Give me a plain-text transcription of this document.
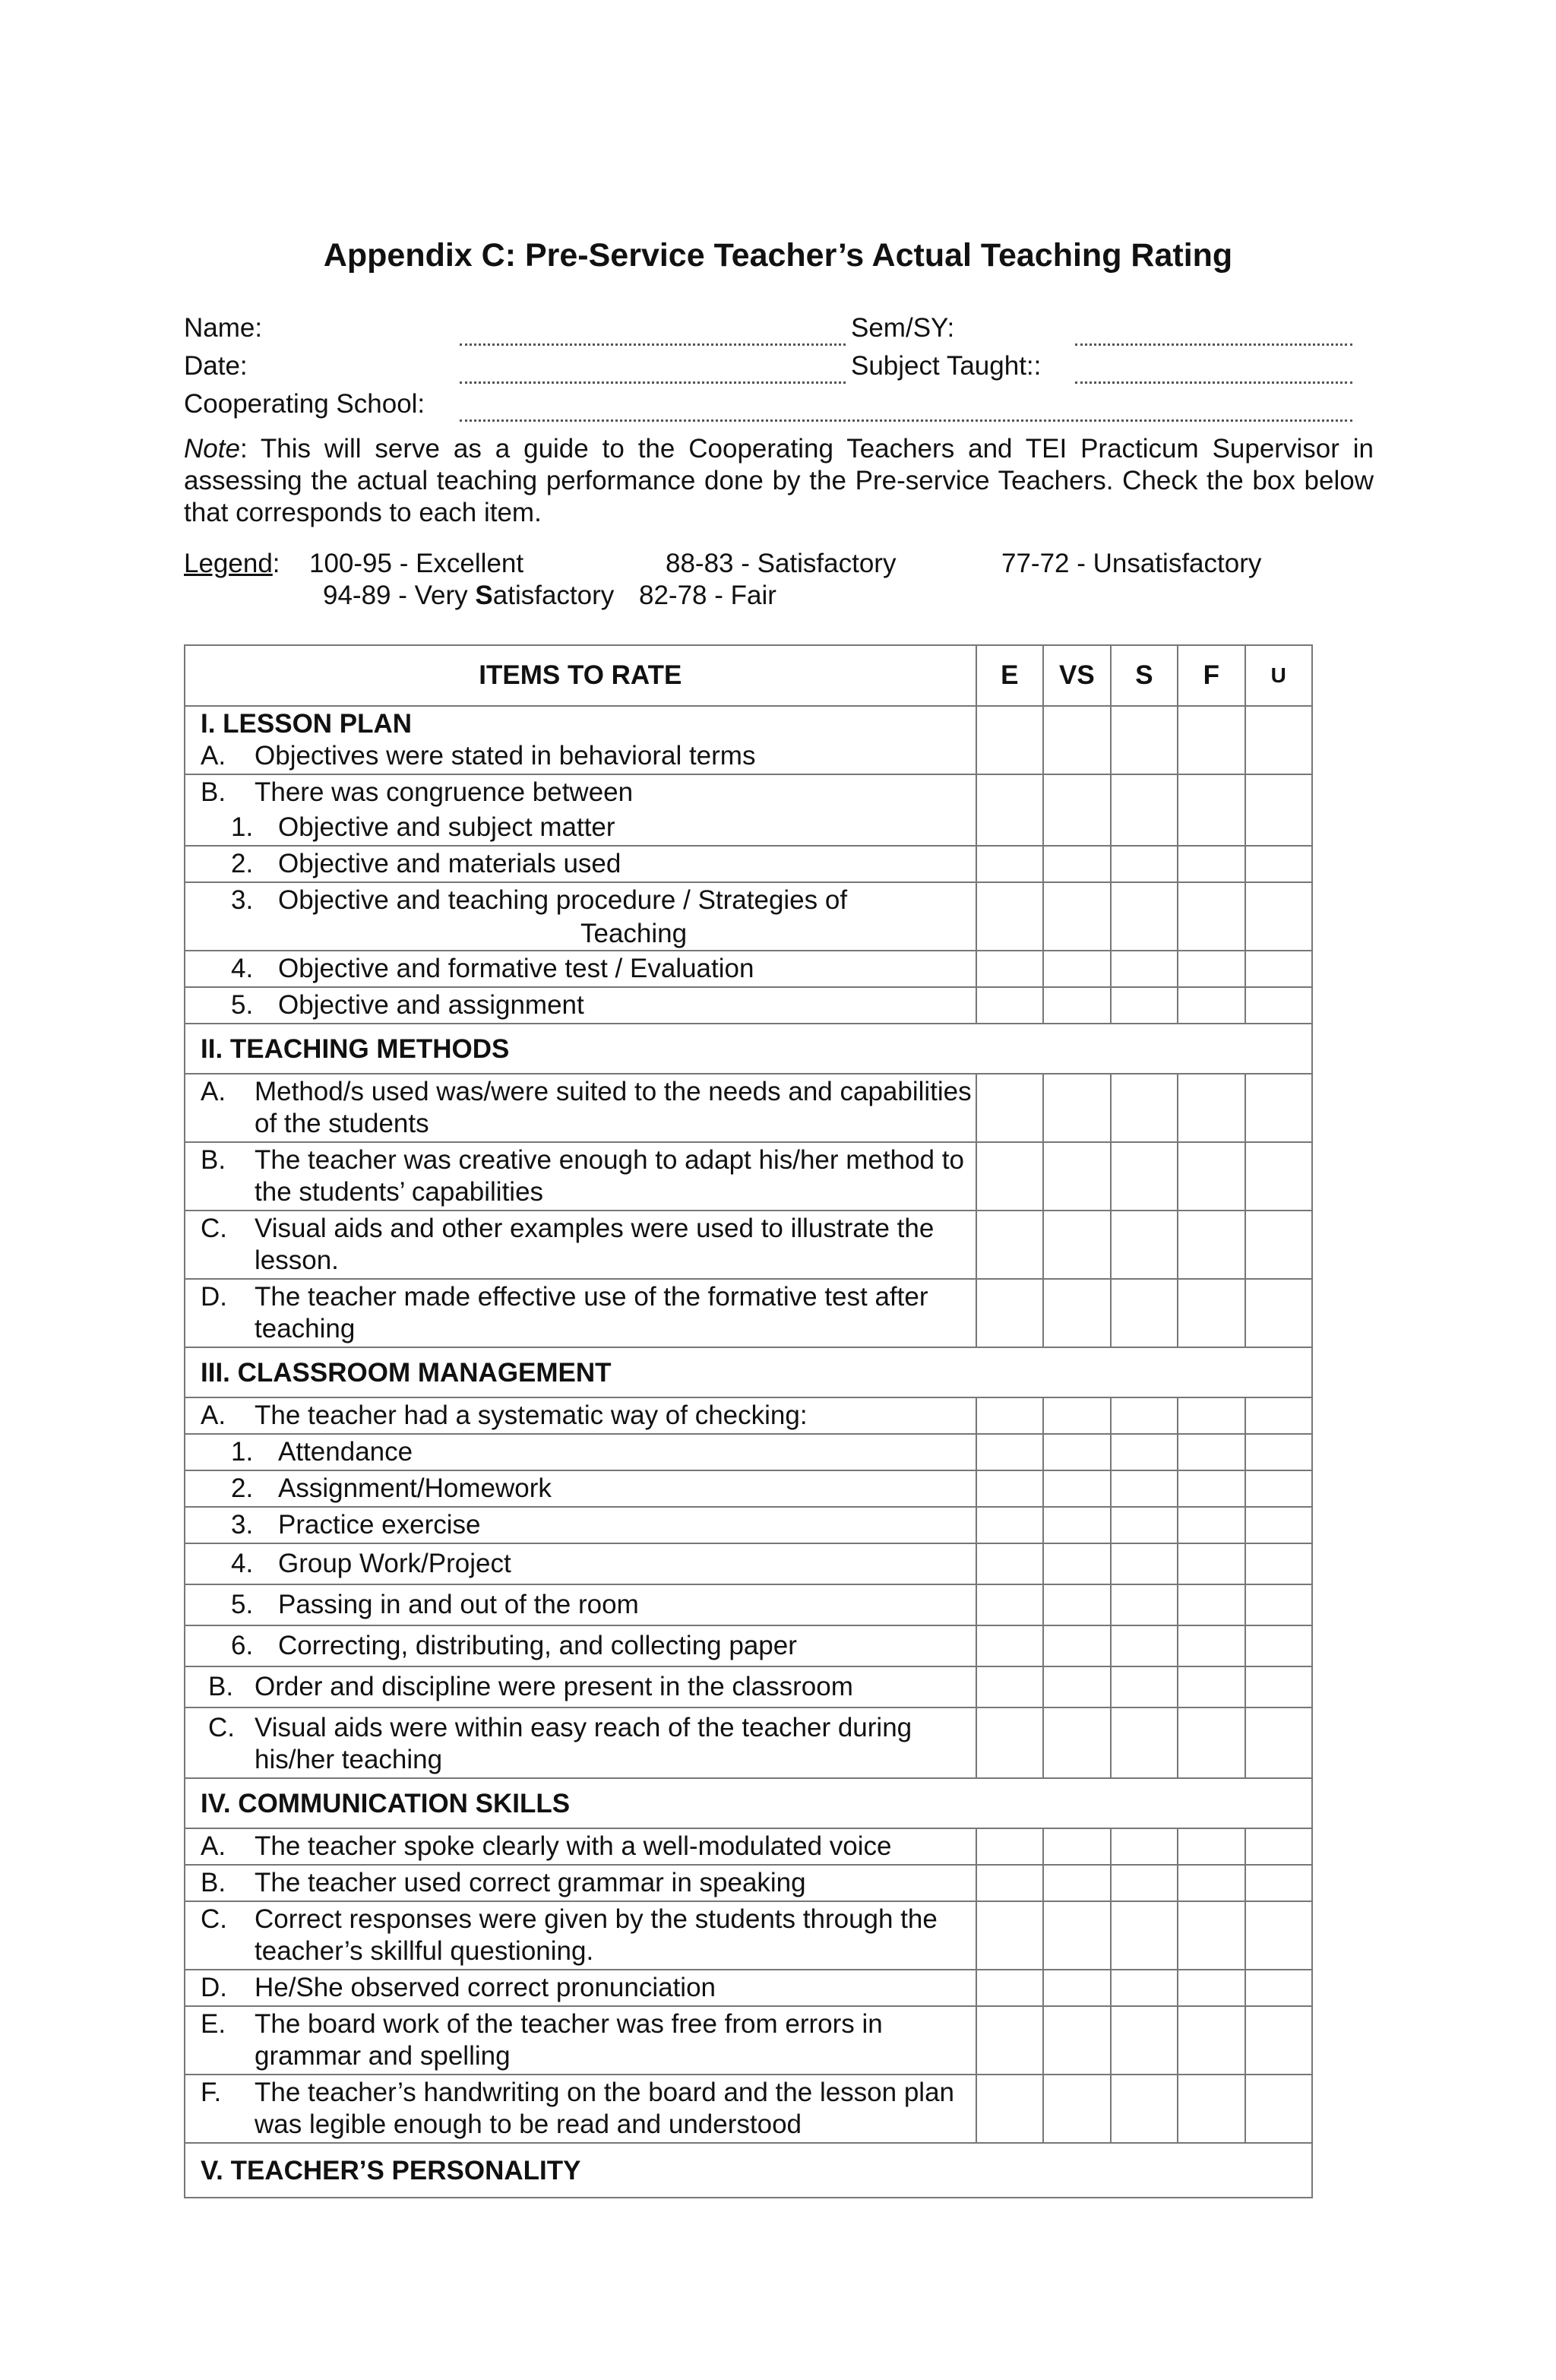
Appendix C: Pre-Service Teacher’s Actual Teaching Rating
Name:	Sem/SY:
Date:	Subject Taught::
Cooperating School:

Note: This will serve as a guide to the Cooperating Teachers and TEI Practicum Supervisor in assessing the actual teaching performance done by the Pre-service Teachers. Check the box below that corresponds to each item.

Legend: 100-95 - Excellent	88-83 - Satisfactory	77-72 - Unsatisfactory
94-89 - Very Satisfactory 82-78 - Fair
ITEMS TO RATE	E	VS	S	F	U

I. LESSON PLAN
A. Objectives were stated in behavioral terms					

B. There was congruence between
1. Objective and subject matter					

2. Objective and materials used					

3. Objective and teaching procedure / Strategies of
Teaching					

4. Objective and formative test / Evaluation					

5. Objective and assignment					

II. TEACHING METHODS					

A. Method/s used was/were suited to the needs and capabilities of the students					

B. The teacher was creative enough to adapt his/her method to the students’ capabilities					

C. Visual aids and other examples were used to illustrate the lesson.					

D. The teacher made effective use of the formative test after teaching					

III. CLASSROOM MANAGEMENT					

A. The teacher had a systematic way of checking:					

1. Attendance					

2. Assignment/Homework					

3. Practice exercise					

4. Group Work/Project					

5. Passing in and out of the room					

6. Correcting, distributing, and collecting paper					

B. Order and discipline were present in the classroom					

C. Visual aids were within easy reach of the teacher during his/her teaching					

IV. COMMUNICATION SKILLS					

A. The teacher spoke clearly with a well-modulated voice					

B. The teacher used correct grammar in speaking					

C. Correct responses were given by the students through the teacher’s skillful questioning.					

D. He/She observed correct pronunciation					

E. The board work of the teacher was free from errors in grammar and spelling					

F. The teacher’s handwriting on the board and the lesson plan was legible enough to be read and understood					

V. TEACHER’S PERSONALITY					
